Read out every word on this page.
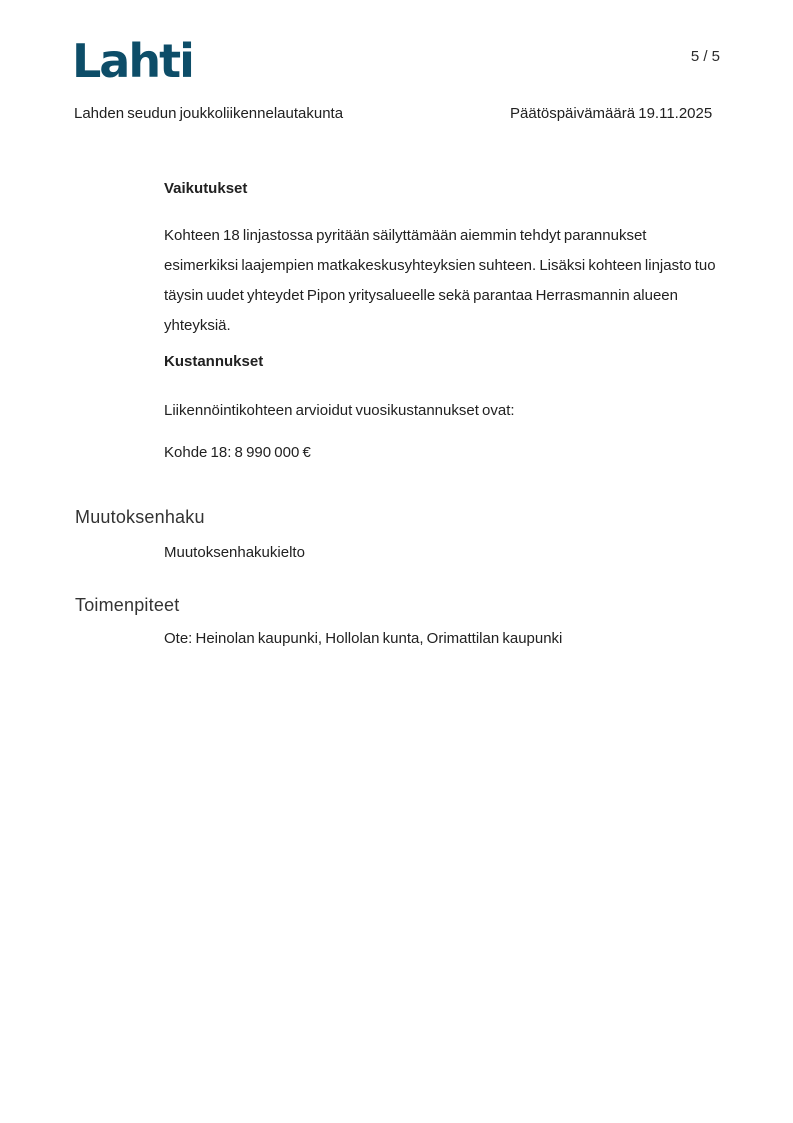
Lahti	5 / 5
Lahden seudun joukkoliikennelautakunta	Päätöspäivämäärä 19.11.2025
Vaikutukset
Kohteen 18 linjastossa pyritään säilyttämään aiemmin tehdyt parannukset esimerkiksi laajempien matkakeskusyhteyksien suhteen. Lisäksi kohteen linjasto tuo täysin uudet yhteydet Pipon yritysalueelle sekä parantaa Herrasmannin alueen yhteyksiä.
Kustannukset
Liikennöintikohteen arvioidut vuosikustannukset ovat:
Kohde 18: 8 990 000 €
Muutoksenhaku
Muutoksenhakukielto
Toimenpiteet
Ote: Heinolan kaupunki, Hollolan kunta, Orimattilan kaupunki
